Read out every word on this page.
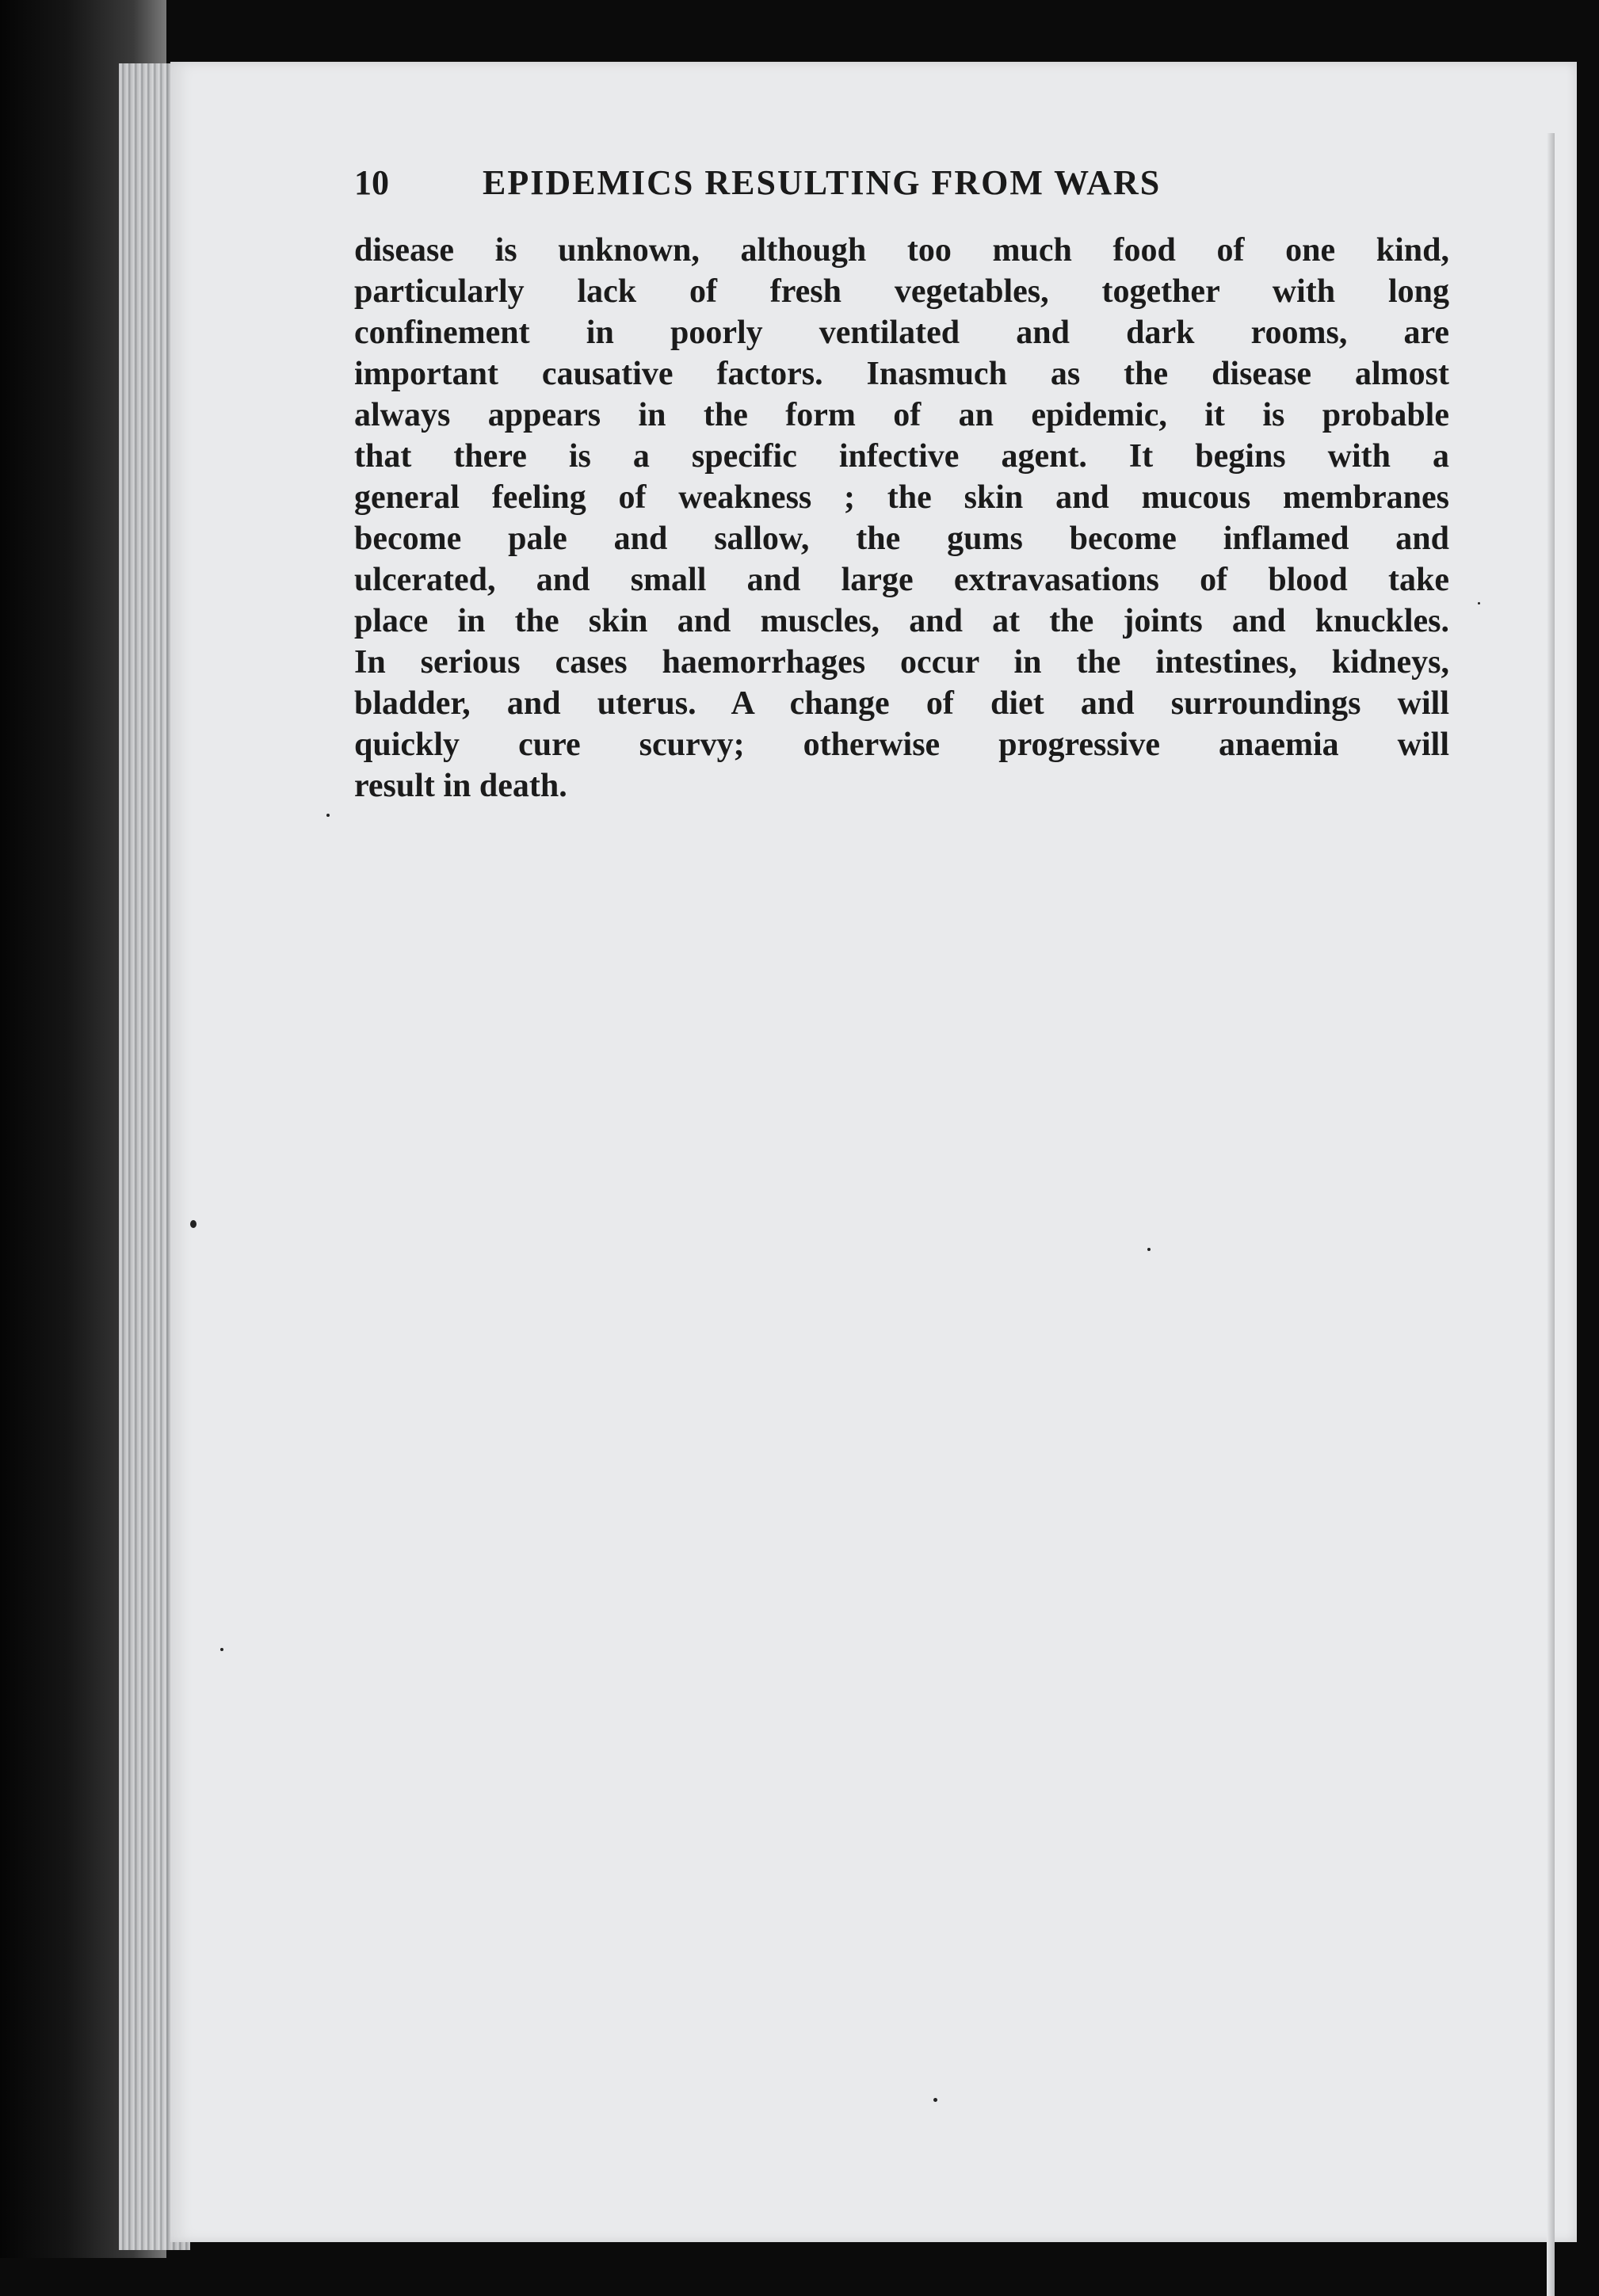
10	EPIDEMICS RESULTING FROM WARS
disease is unknown, although too much food of one kind,
particularly lack of fresh vegetables, together with long
confinement in poorly ventilated and dark rooms, are
important causative factors. Inasmuch as the disease almost
always appears in the form of an epidemic, it is probable
that there is a specific infective agent. It begins with a
general feeling of weakness ; the skin and mucous membranes
become pale and sallow, the gums become inflamed and
ulcerated, and small and large extravasations of blood take
place in the skin and muscles, and at the joints and knuckles.
In serious cases haemorrhages occur in the intestines, kidneys,
bladder, and uterus. A change of diet and surroundings will
quickly cure scurvy; otherwise progressive anaemia will
result in death.
